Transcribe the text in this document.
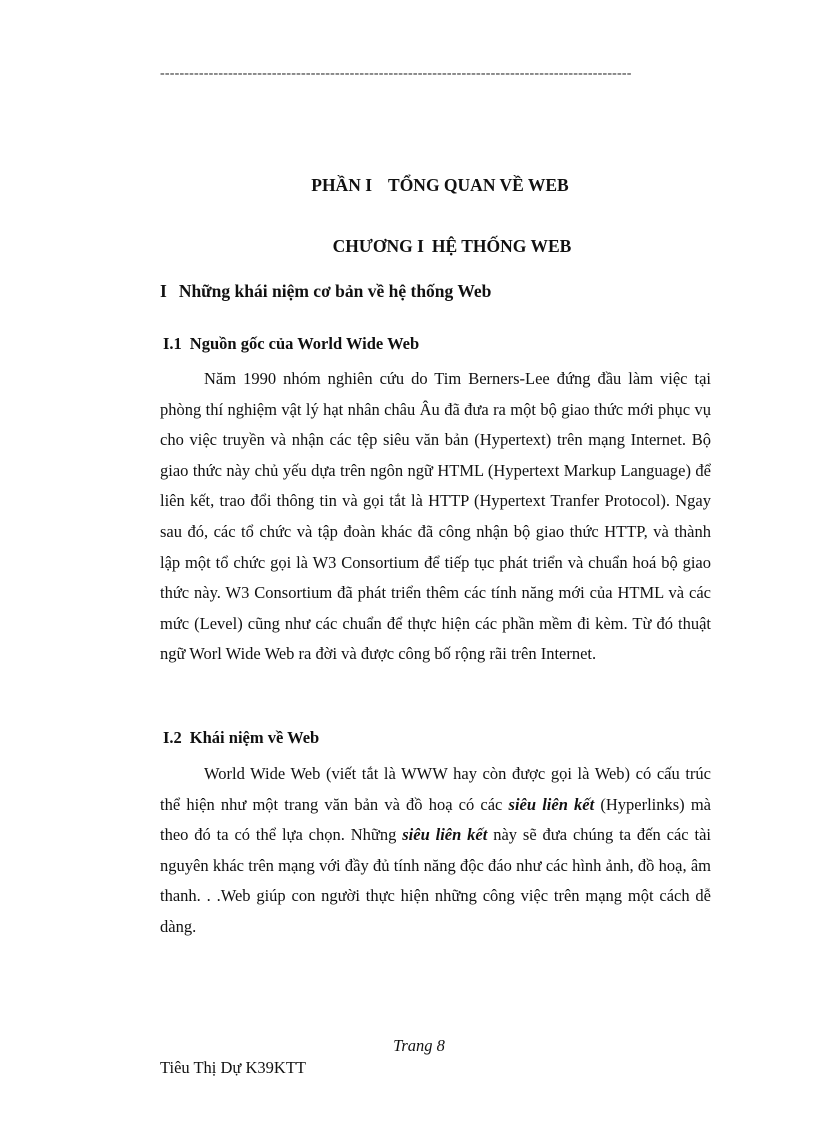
-------------------------------------------------------------------------------------------------
PHẦN I TỔNG QUAN VỀ WEB
CHƯƠNG I HỆ THỐNG WEB
I Những khái niệm cơ bản về hệ thống Web
I.1 Nguồn gốc của World Wide Web

Năm 1990 nhóm nghiên cứu do Tim Berners-Lee đứng đầu làm việc tại phòng thí nghiệm vật lý hạt nhân châu Âu đã đưa ra một bộ giao thức mới phục vụ cho việc truyền và nhận các tệp siêu văn bản (Hypertext) trên mạng Internet. Bộ giao thức này chủ yếu dựa trên ngôn ngữ HTML (Hypertext Markup Language) để liên kết, trao đổi thông tin và gọi tắt là HTTP (Hypertext Tranfer Protocol). Ngay sau đó, các tổ chức và tập đoàn khác đã công nhận bộ giao thức HTTP, và thành lập một tổ chức gọi là W3 Consortium để tiếp tục phát triển và chuẩn hoá bộ giao thức này. W3 Consortium đã phát triển thêm các tính năng mới của HTML và các mức (Level) cũng như các chuẩn để thực hiện các phần mềm đi kèm. Từ đó thuật ngữ Worl Wide Web ra đời và được công bố rộng rãi trên Internet.

I.2 Khái niệm về Web

World Wide Web (viết tắt là WWW hay còn được gọi là Web) có cấu trúc thể hiện như một trang văn bản và đồ hoạ có các siêu liên kết (Hyperlinks) mà theo đó ta có thể lựa chọn. Những siêu liên kết này sẽ đưa chúng ta đến các tài nguyên khác trên mạng với đầy đủ tính năng độc đáo như các hình ảnh, đồ hoạ, âm thanh. . .Web giúp con người thực hiện những công việc trên mạng một cách dễ dàng.

Trang 8
Tiêu Thị Dự K39KTT
